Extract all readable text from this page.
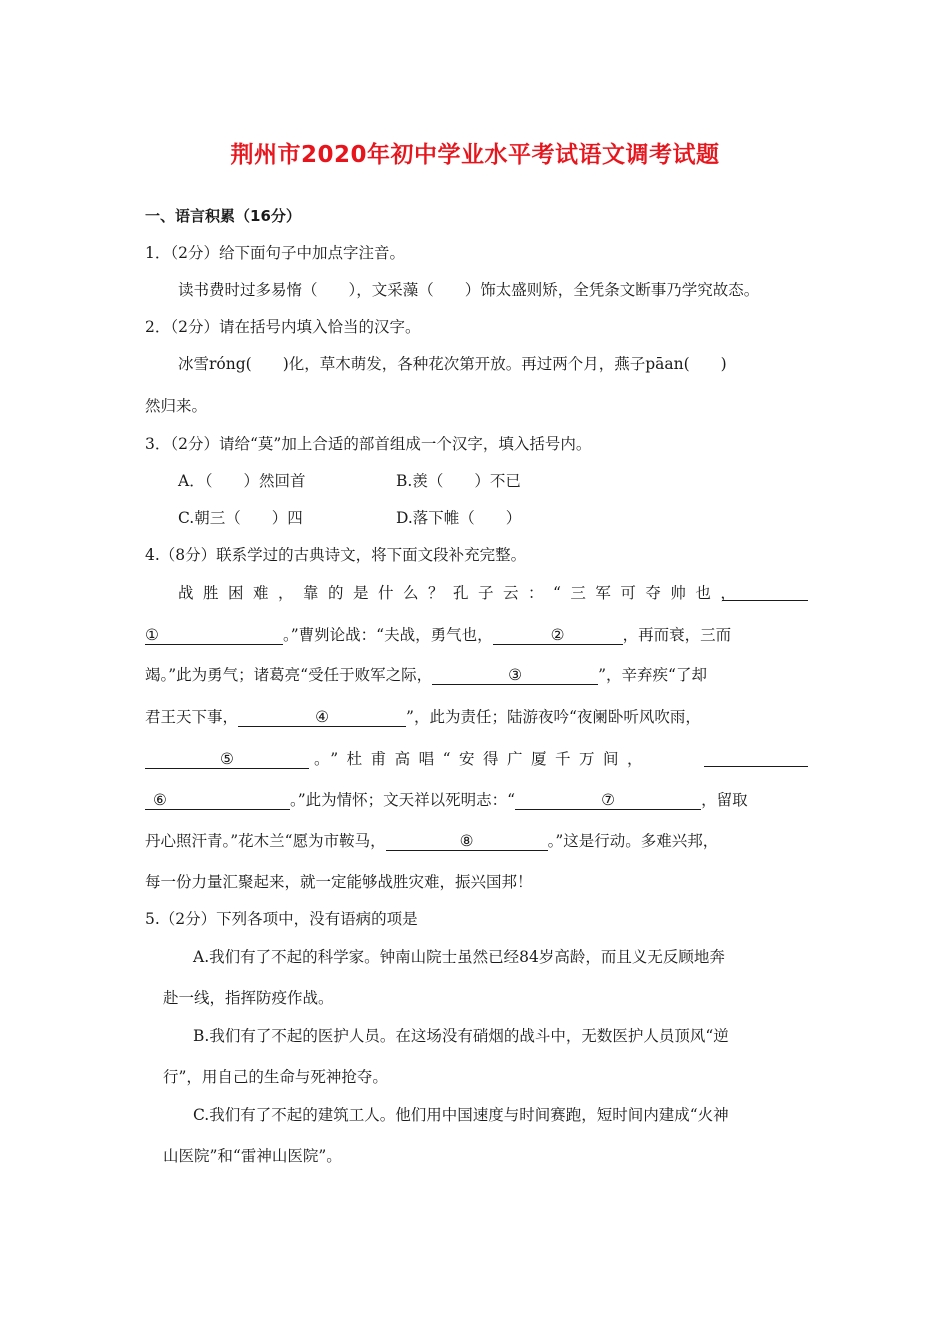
荆州市2020年初中学业水平考试语文调考试题
一、语言积累（16分）
1．（2分）给下面句子中加点字注音。
读书费时过多易惰（　　），文采藻（　　）饰太盛则矫，全凭条文断事乃学究故态。
2．（2分）请在括号内填入恰当的汉字。
冰雪róng(　　)化，草木萌发，各种花次第开放。再过两个月，燕子pāan(　　)
然归来。
3．（2分）请给“莫”加上合适的部首组成一个汉字，填入括号内。
A．（　　）然回首	B.羡（　　）不已
C.朝三（　　）四	D.落下帷（　　）
4.（8分）联系学过的古典诗文，将下面文段补充完整。
战胜困难，靠的是什么？孔子云：“三军可夺帅也，
①	。”曹刿论战：“夫战，勇气也，	②	，再而衰，三而
竭。”此为勇气；诸葛亮“受任于败军之际，	③	”，辛弃疾“了却
君王天下事，	④	”，此为责任；陆游夜吟“夜阑卧听风吹雨，
⑤	。”杜甫高唱“安得广厦千万间，
⑥	。”此为情怀；文天祥以死明志：“	⑦	，留取
丹心照汗青。”花木兰“愿为市鞍马，	⑧	。”这是行动。多难兴邦，
每一份力量汇聚起来，就一定能够战胜灾难，振兴国邦！
5.（2分）下列各项中，没有语病的项是
A.我们有了不起的科学家。钟南山院士虽然已经84岁高龄，而且义无反顾地奔
赴一线，指挥防疫作战。
B.我们有了不起的医护人员。在这场没有硝烟的战斗中，无数医护人员顶风“逆
行”，用自己的生命与死神抢夺。
C.我们有了不起的建筑工人。他们用中国速度与时间赛跑，短时间内建成“火神
山医院”和“雷神山医院”。
